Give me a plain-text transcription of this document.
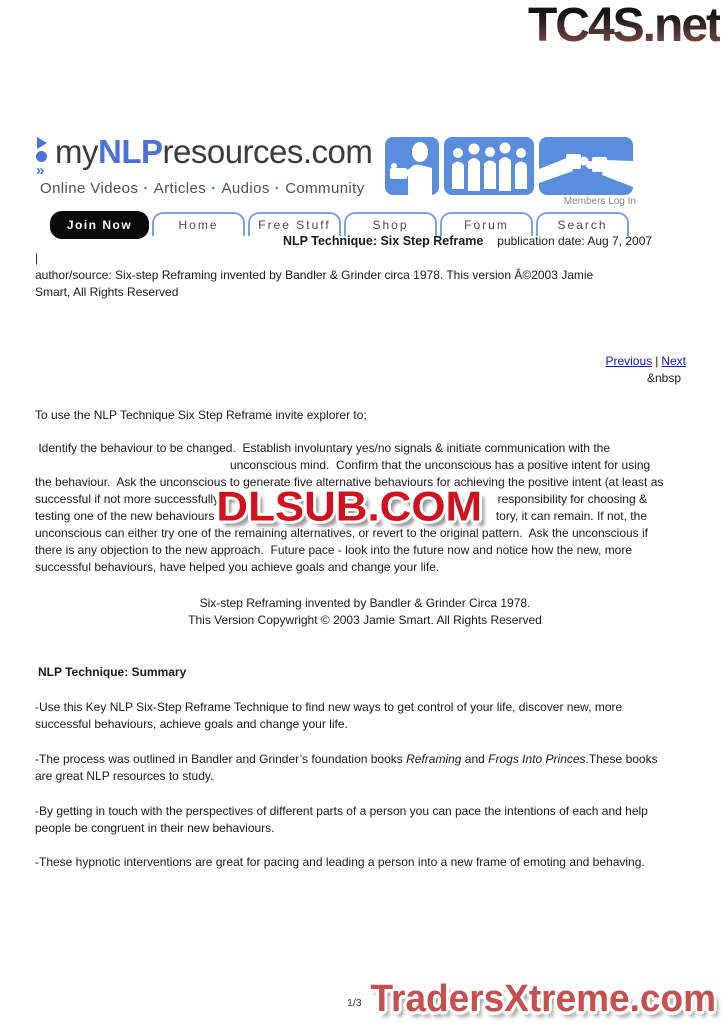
TC4S.net
»
myNLPresources.com
Online Videos · Articles · Audios · Community
Members Log In
Join Now	Home	Free Stuff	Shop	Forum	Search
NLP Technique: Six Step Reframe publication date: Aug 7, 2007
|
author/source: Six-step Reframing invented by Bandler & Grinder circa 1978. This version Â©2003 Jamie
Smart, All Rights Reserved
Previous | Next
&nbsp
To use the NLP Technique Six Step Reframe invite explorer to;
Identify the behaviour to be changed.  Establish involuntary yes/no signals & initiate communication with the
unconscious mind.  Confirm that the unconscious has a positive intent for using
the behaviour.  Ask the unconscious to generate five alternative behaviours for achieving the positive intent (at least as
successful if not more successfully	responsibility for choosing &
testing one of the new behaviours	tory, it can remain. If not, the
unconscious can either try one of the remaining alternatives, or revert to the original pattern.  Ask the unconscious if
there is any objection to the new approach.  Future pace - look into the future now and notice how the new, more
successful behaviours, have helped you achieve goals and change your life.
Six-step Reframing invented by Bandler & Grinder Circa 1978.
This Version Copywright © 2003 Jamie Smart. All Rights Reserved
NLP Technique: Summary
-Use this Key NLP Six-Step Reframe Technique to find new ways to get control of your life, discover new, more
successful behaviours, achieve goals and change your life.
-The process was outlined in Bandler and Grinder’s foundation books Reframing and Frogs Into Princes.These books
are great NLP resources to study.
-By getting in touch with the perspectives of different parts of a person you can pace the intentions of each and help
people be congruent in their new behaviours.
-These hypnotic interventions are great for pacing and leading a person into a new frame of emoting and behaving.
DLSUB.COM
1/3 TradersXtreme.com
